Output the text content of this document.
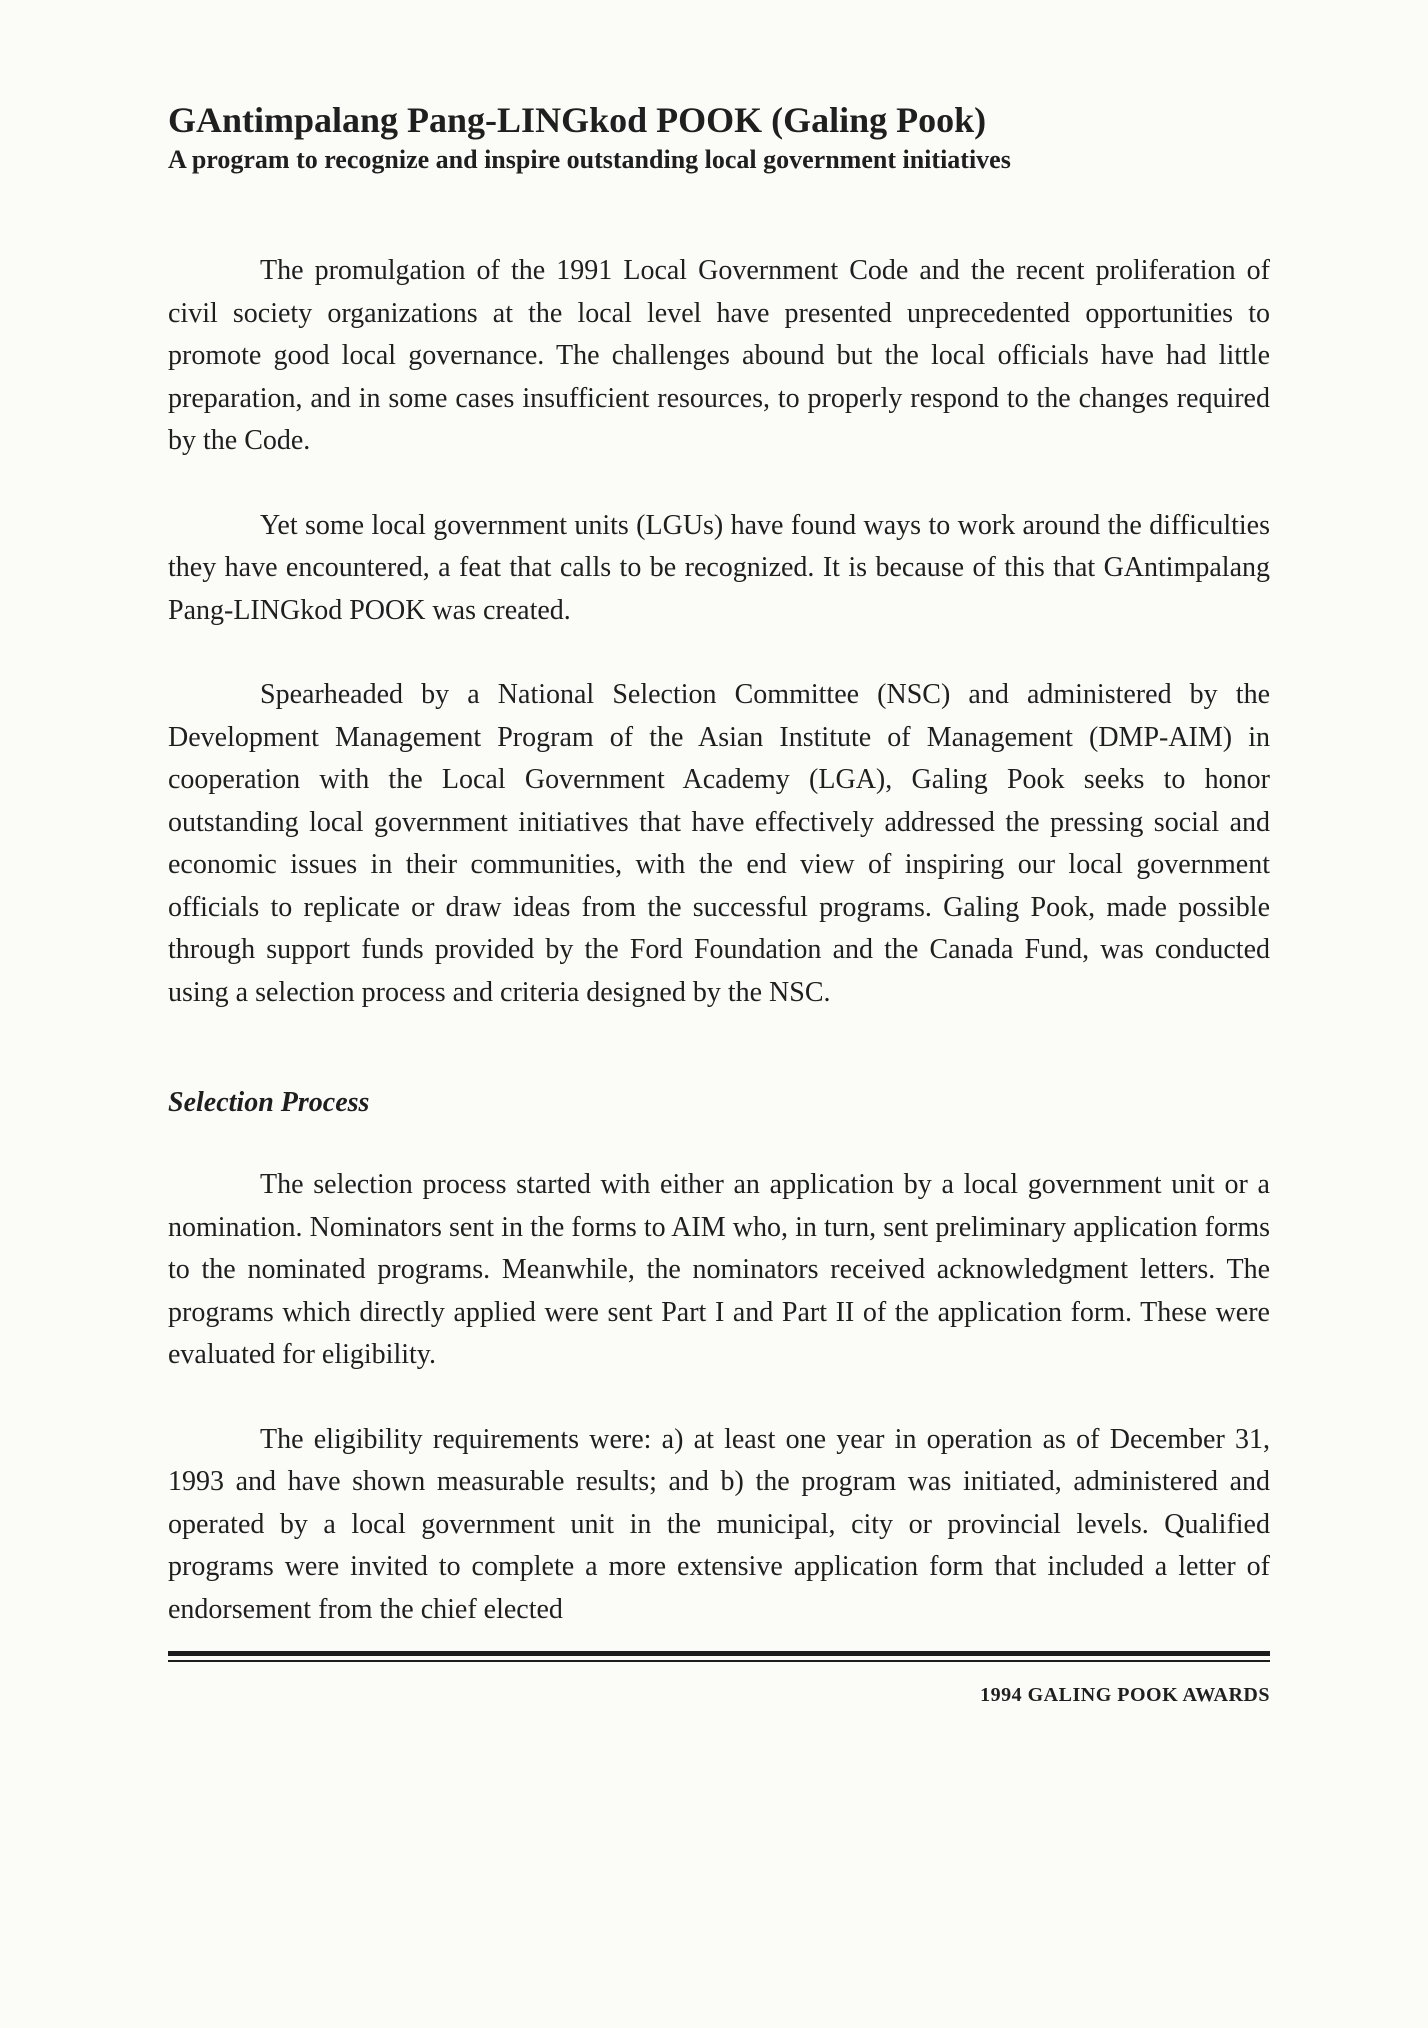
GAntimpalang Pang-LINGkod POOK (Galing Pook)
A program to recognize and inspire outstanding local government initiatives

The promulgation of the 1991 Local Government Code and the recent proliferation of civil society organizations at the local level have presented unprecedented opportunities to promote good local governance. The challenges abound but the local officials have had little preparation, and in some cases insufficient resources, to properly respond to the changes required by the Code.

Yet some local government units (LGUs) have found ways to work around the difficulties they have encountered, a feat that calls to be recognized. It is because of this that GAntimpalang Pang-LINGkod POOK was created.

Spearheaded by a National Selection Committee (NSC) and administered by the Development Management Program of the Asian Institute of Management (DMP-AIM) in cooperation with the Local Government Academy (LGA), Galing Pook seeks to honor outstanding local government initiatives that have effectively addressed the pressing social and economic issues in their communities, with the end view of inspiring our local government officials to replicate or draw ideas from the successful programs. Galing Pook, made possible through support funds provided by the Ford Foundation and the Canada Fund, was conducted using a selection process and criteria designed by the NSC.

Selection Process

The selection process started with either an application by a local government unit or a nomination. Nominators sent in the forms to AIM who, in turn, sent preliminary application forms to the nominated programs. Meanwhile, the nominators received acknowledgment letters. The programs which directly applied were sent Part I and Part II of the application form. These were evaluated for eligibility.

The eligibility requirements were: a) at least one year in operation as of December 31, 1993 and have shown measurable results; and b) the program was initiated, administered and operated by a local government unit in the municipal, city or provincial levels. Qualified programs were invited to complete a more extensive application form that included a letter of endorsement from the chief elected

1994 GALING POOK AWARDS
